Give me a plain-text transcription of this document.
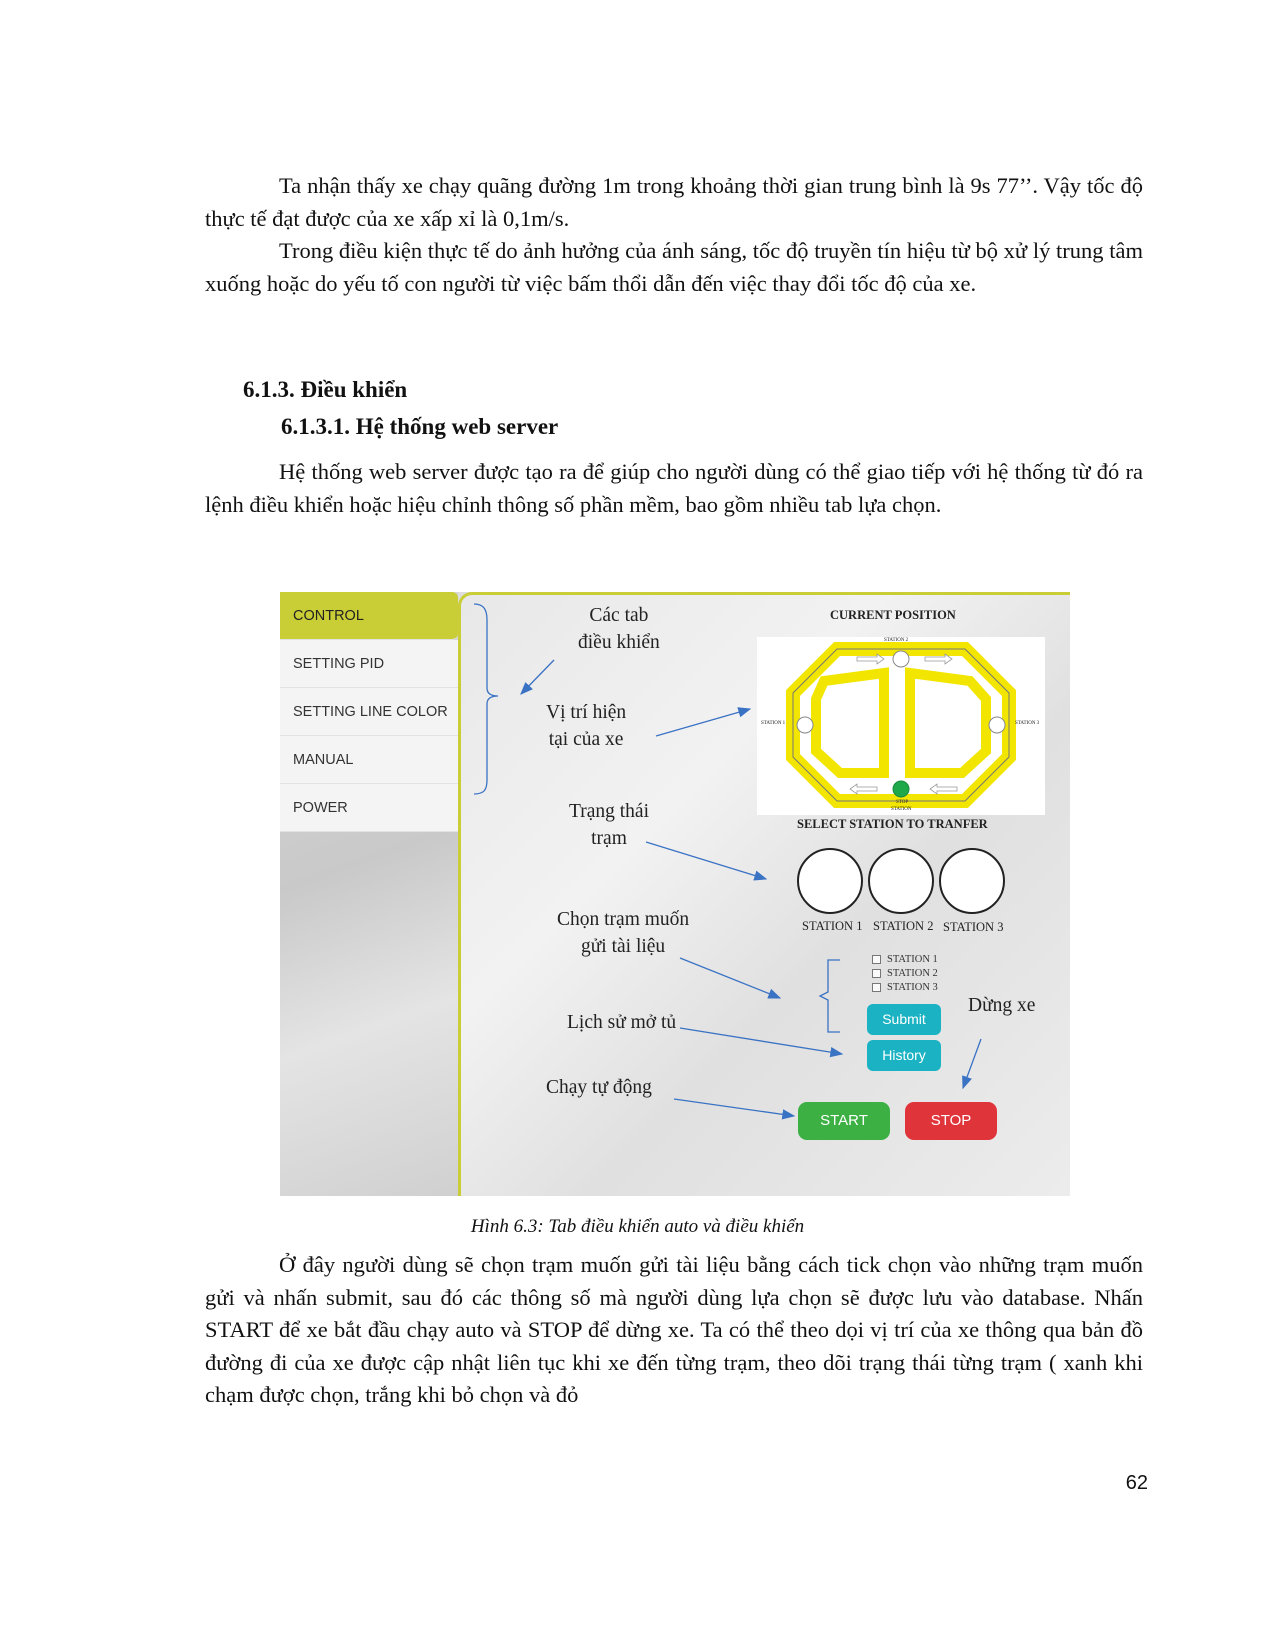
Ta nhận thấy xe chạy quãng đường 1m trong khoảng thời gian trung bình là 9s 77’’. Vậy tốc độ thực tế đạt được của xe xấp xỉ là 0,1m/s.

Trong điều kiện thực tế do ảnh hưởng của ánh sáng, tốc độ truyền tín hiệu từ bộ xử lý trung tâm xuống hoặc do yếu tố con người từ việc bấm thổi dẫn đến việc thay đổi tốc độ của xe.

6.1.3. Điều khiển
6.1.3.1. Hệ thống web server

Hệ thống web server được tạo ra để giúp cho người dùng có thể giao tiếp với hệ thống từ đó ra lệnh điều khiển hoặc hiệu chỉnh thông số phần mềm, bao gồm nhiều tab lựa chọn.

CONTROL
SETTING PID
SETTING LINE COLOR
MANUAL
POWER
CURRENT POSITION
STATION 2
STATION 1	STATION 3
STOP
STATION
SELECT STATION TO TRANFER
STATION 1 STATION 2 STATION 3
STATION 1
STATION 2
STATION 3
Submit
History
START	STOP
Các tab
điều khiển
Vị trí hiện
tại của xe
Trạng thái
trạm
Chọn trạm muốn
gửi tài liệu
Lịch sử mở tủ
Chạy tự động
Dừng xe
Hình 6.3: Tab điều khiển auto và điều khiển

Ở đây người dùng sẽ chọn trạm muốn gửi tài liệu bằng cách tick chọn vào những trạm muốn gửi và nhấn submit, sau đó các thông số mà người dùng lựa chọn sẽ được lưu vào database. Nhấn START để xe bắt đầu chạy auto và STOP để dừng xe. Ta có thể theo dọi vị trí của xe thông qua bản đồ đường đi của xe được cập nhật liên tục khi xe đến từng trạm, theo dõi trạng thái từng trạm ( xanh khi chạm được chọn, trắng khi bỏ chọn và đỏ

62
